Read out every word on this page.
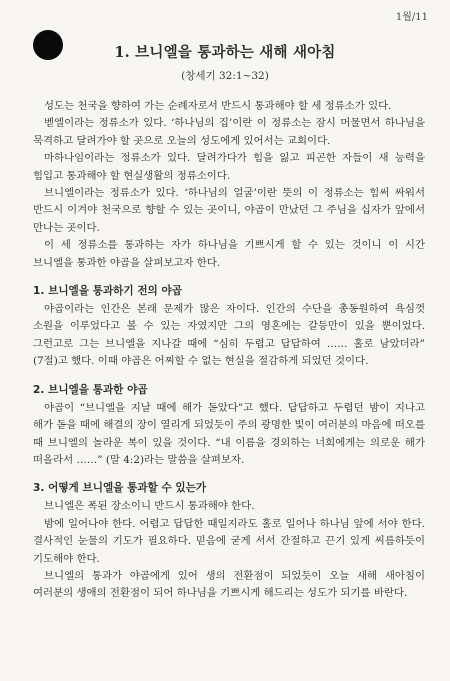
1월/11
1. 브니엘을 통과하는 새해 새아침
(창세기 32:1~32)

성도는 천국을 향하여 가는 순례자로서 반드시 통과해야 할 세 정류소가 있다.

벧엘이라는 정류소가 있다. ‘하나님의 집’이란 이 정류소는 잠시 머물면서 하나님을 묵격하고 달려가야 할 곳으로 오늘의 성도에게 있어서는 교회이다.

마하나임이라는 정류소가 있다. 달려가다가 힘을 잃고 피곤한 자들이 새 능력을 힘입고 통과해야 할 현실생활의 정류소이다.

브니엘이라는 정류소가 있다. ‘하나님의 얼굴’이란 뜻의 이 정류소는 힘써 싸워서 반드시 이겨야 천국으로 향할 수 있는 곳이니, 야곱이 만났던 그 주님을 십자가 앞에서 만나는 곳이다.

이 세 정류소를 통과하는 자가 하나님을 기쁘시게 할 수 있는 것이니 이 시간 브니엘을 통과한 야곱을 살펴보고자 한다.

1. 브니엘을 통과하기 전의 야곱

야곱이라는 인간은 본래 문제가 많은 자이다. 인간의 수단을 총동원하여 욕심껏 소원을 이루었다고 볼 수 있는 자였지만 그의 영혼에는 갈등만이 있을 뿐이었다. 그런고로 그는 브니엘을 지나갈 때에 “심히 두렵고 답답하여 …… 홀로 남았더라” (7절)고 했다. 이때 야곱은 어찌할 수 없는 현실을 절감하게 되었던 것이다.

2. 브니엘을 통과한 야곱

야곱이 “브니엘을 지날 때에 해가 돋았다”고 했다. 답답하고 두렵던 밤이 지나고 해가 돋을 때에 해결의 장이 열리게 되었듯이 주의 광명한 빛이 여러분의 마음에 떠오를 때 브니엘의 놀라운 복이 있을 것이다. “내 이름을 경외하는 너희에게는 의로운 해가 떠올라서 ……” (말 4:2)라는 말씀을 살펴보자.

3. 어떻게 브니엘을 통과할 수 있는가

브니엘은 폭된 장소이니 반드시 통과해야 한다.

밤에 일어나야 한다. 어렵고 답답한 때일지라도 홀로 일어나 하나님 앞에 서야 한다. 결사적인 눈물의 기도가 필요하다. 믿음에 굳게 서서 간절하고 끈기 있게 씨름하듯이 기도해야 한다.

브니엘의 통과가 야곱에게 있어 생의 전환점이 되었듯이 오늘 새해 새아침이 여러분의 생애의 전환점이 되어 하나님을 기쁘시게 해드리는 성도가 되기를 바란다.
